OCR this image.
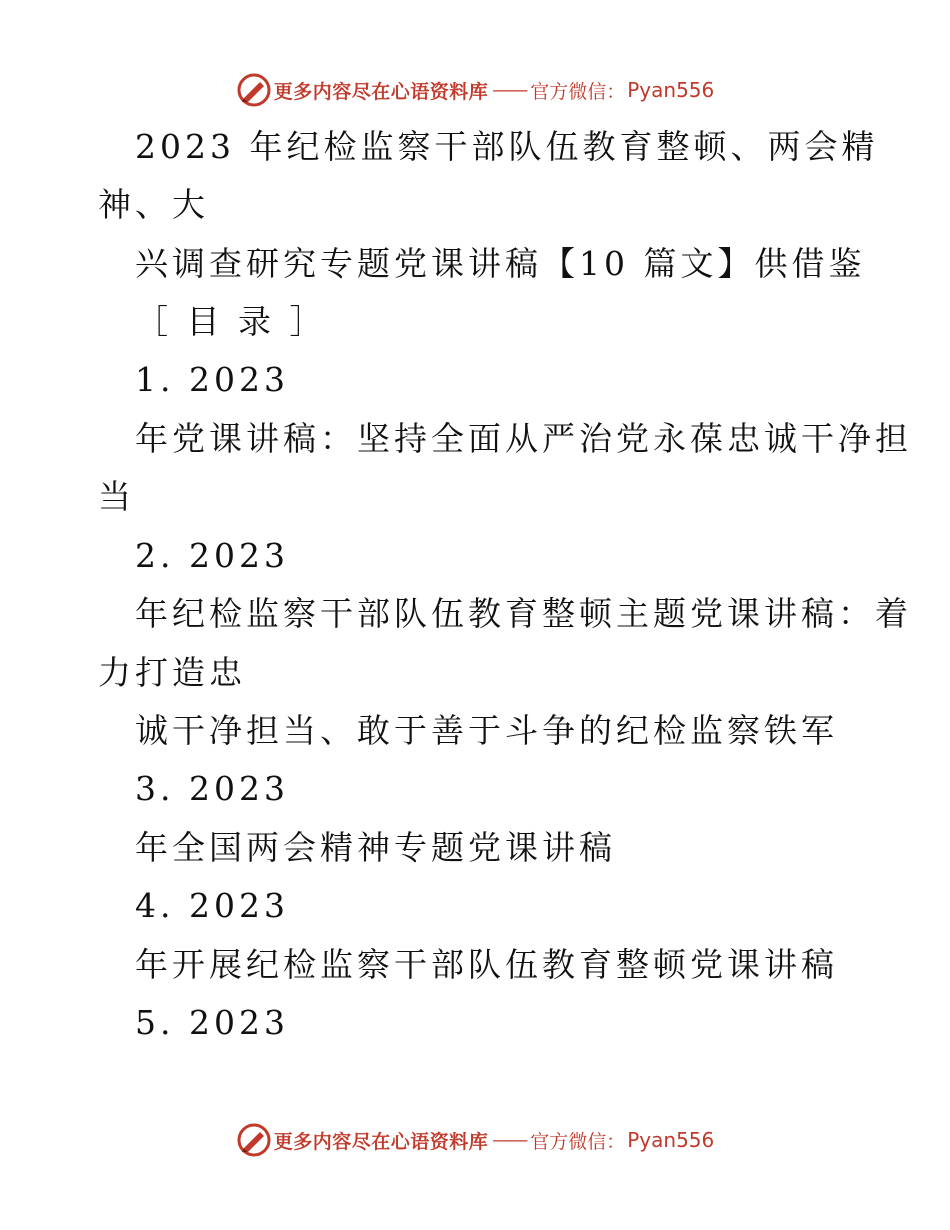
更多内容尽在心语资料库 —— 官方微信： Pyan556
2023 年纪检监察干部队伍教育整顿、两会精
神、大
兴调查研究专题党课讲稿【10 篇文】供借鉴
［ 目 录 ］
1. 2023
年党课讲稿：坚持全面从严治党永葆忠诚干净担
当
2. 2023
年纪检监察干部队伍教育整顿主题党课讲稿：着
力打造忠
诚干净担当、敢于善于斗争的纪检监察铁军
3. 2023
年全国两会精神专题党课讲稿
4. 2023
年开展纪检监察干部队伍教育整顿党课讲稿
5. 2023
更多内容尽在心语资料库 —— 官方微信： Pyan556
